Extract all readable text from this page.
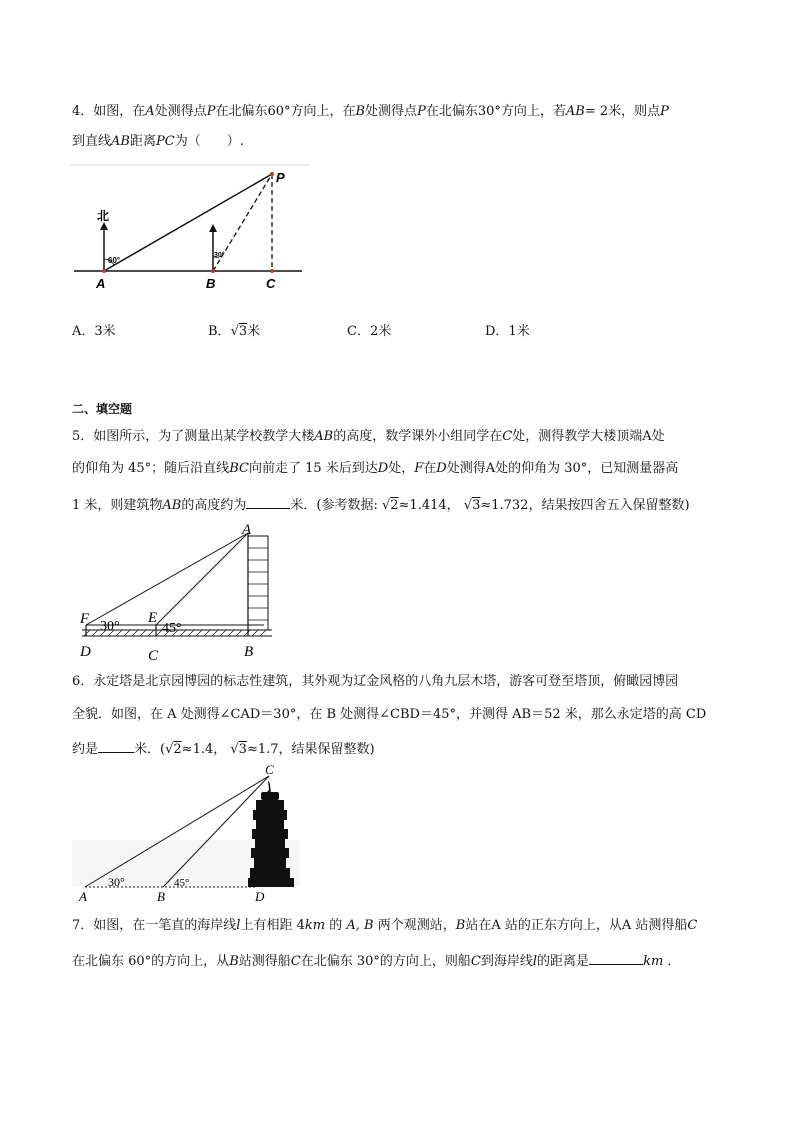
4．如图，在A处测得点P在北偏东60°方向上，在B处测得点P在北偏东30°方向上，若AB= 2米，则点P
到直线AB距离PC为（　　）.
北
60°
30°
A	B	C
P
A．3米	B．√3米	C．2米	D．1米
二、填空题
5．如图所示，为了测量出某学校教学大楼AB的高度，数学课外小组同学在C处，测得教学大楼顶端A处
的仰角为 45°；随后沿直线BC向前走了 15 米后到达D处，F在D处测得A处的仰角为 30°，已知测量器高
1 米，则建筑物AB的高度约为	米．(参考数据: √2≈1.414， √3≈1.732，结果按四舍五入保留整数)
A
F	E
30°	45°
D	C	B
6．永定塔是北京园博园的标志性建筑，其外观为辽金风格的八角九层木塔，游客可登至塔顶，俯瞰园博园
全貌．如图，在 A 处测得∠CAD＝30°，在 B 处测得∠CBD＝45°，并测得 AB＝52 米，那么永定塔的高 CD
约是	米．(√2≈1.4， √3≈1.7，结果保留整数)
C
30°	45°
A	B	D
7．如图，在一笔直的海岸线l上有相距 4km 的 A, B 两个观测站，B站在A 站的正东方向上，从A 站测得船C
在北偏东 60°的方向上，从B站测得船C在北偏东 30°的方向上，则船C到海岸线l的距离是	km ．
